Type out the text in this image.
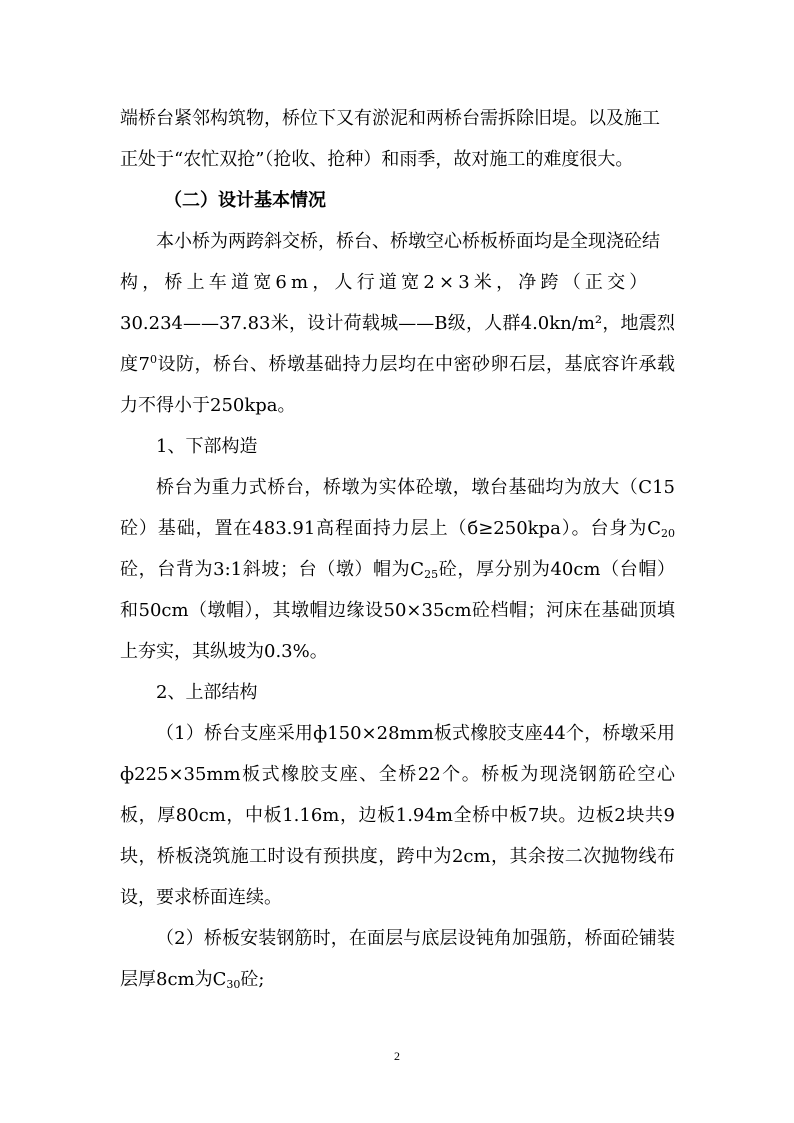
端桥台紧邻构筑物，桥位下又有淤泥和两桥台需拆除旧堤。以及施工

正处于“农忙双抢”（抢收、抢种）和雨季，故对施工的难度很大。

（二）设计基本情况

本小桥为两跨斜交桥，桥台、桥墩空心桥板桥面均是全现浇砼结

构，桥上车道宽6m，人行道宽2×3米，净跨（正交）

30.234——37.83米，设计荷载城——B级，人群4.0kn/m²，地震烈度$7^0$设防，桥台、桥墩基础持力层均在中密砂卵石层，基底容许承载力不得小于250kpa。

1、下部构造

桥台为重力式桥台，桥墩为实体砼墩，墩台基础均为放大（C15砼）基础，置在483.91高程面持力层上（б≥250kpa）。台身为$C_{20}$砼，台背为3:1斜坡；台（墩）帽为$C_{25}$砼，厚分别为40cm（台帽）和50cm（墩帽），其墩帽边缘设50×35cm砼档帽；河床在基础顶填上夯实，其纵坡为0.3%。

2、上部结构

（1）桥台支座采用ф150×28mm板式橡胶支座44个，桥墩采用ф225×35mm板式橡胶支座、全桥22个。桥板为现浇钢筋砼空心板，厚80cm，中板1.16m，边板1.94m全桥中板7块。边板2块共9块，桥板浇筑施工时设有预拱度，跨中为2cm，其余按二次抛物线布设，要求桥面连续。

（2）桥板安装钢筋时，在面层与底层设钝角加强筋，桥面砼铺装层厚8cm为$C_{30}$砼;

2
